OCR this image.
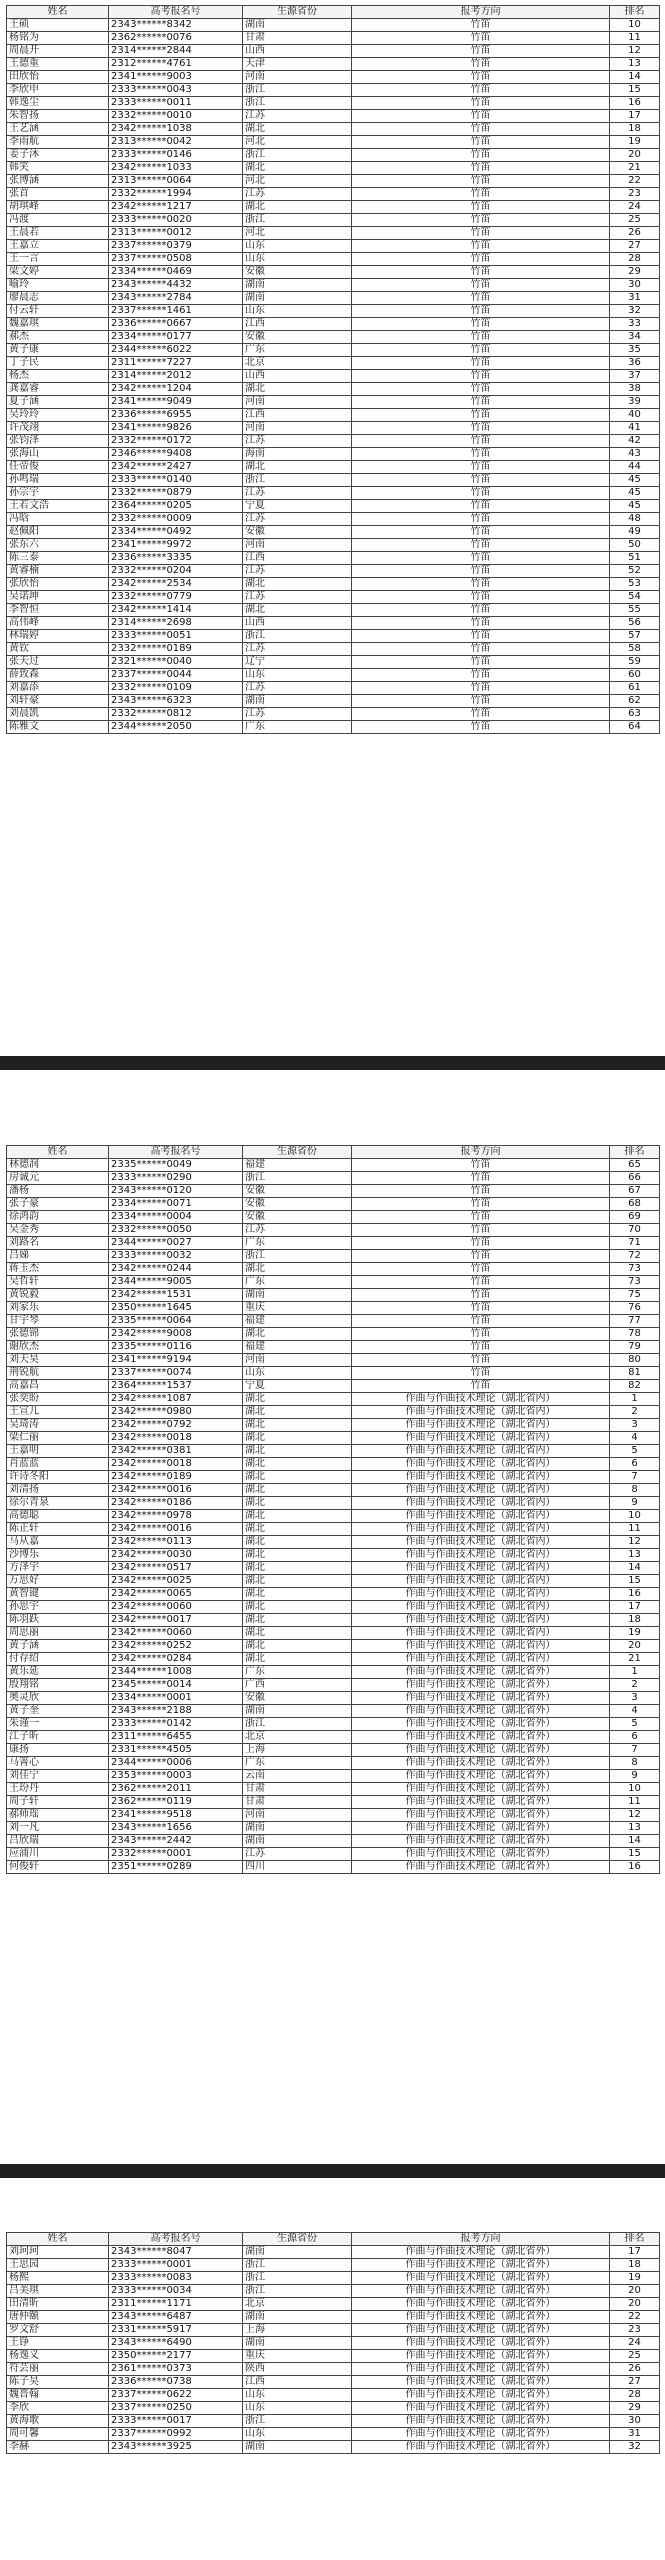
姓名	高考报名号	生源省份	报考方向	排名
王硕	2343******8342	湖南	竹笛	10
杨铭为	2362******0076	甘肃	竹笛	11
周晨开	2314******2844	山西	竹笛	12
王德重	2312******4761	天津	竹笛	13
田欣怡	2341******9003	河南	竹笛	14
李欣申	2333******0043	浙江	竹笛	15
韩逸尘	2333******0011	浙江	竹笛	16
朱智扬	2332******0010	江苏	竹笛	17
王艺涵	2342******1038	湖北	竹笛	18
李雨航	2313******0042	河北	竹笛	19
姜子沐	2333******0146	浙江	竹笛	20
韩笑	2342******1033	湖北	竹笛	21
张博涵	2313******0064	河北	竹笛	22
张首	2332******1994	江苏	竹笛	23
胡琪峰	2342******1217	湖北	竹笛	24
冯渡	2333******0020	浙江	竹笛	25
王晨若	2313******0012	河北	竹笛	26
王嘉立	2337******0379	山东	竹笛	27
王一言	2337******0508	山东	竹笛	28
梁文婷	2334******0469	安徽	竹笛	29
喻玲	2343******4432	湖南	竹笛	30
廖晨志	2343******2784	湖南	竹笛	31
付云轩	2337******1461	山东	竹笛	32
魏嘉琪	2336******0667	江西	竹笛	33
郝杰	2334******0177	安徽	竹笛	34
黄子康	2344******6022	广东	竹笛	35
丁子民	2311******7227	北京	竹笛	36
杨杰	2314******2012	山西	竹笛	37
龚嘉睿	2342******1204	湖北	竹笛	38
夏子涵	2341******9049	河南	竹笛	39
吴玲玲	2336******6955	江西	竹笛	40
许茂翊	2341******9826	河南	竹笛	41
张钧泽	2332******0172	江苏	竹笛	42
张海山	2346******9408	海南	竹笛	43
任帝俊	2342******2427	湖北	竹笛	44
孙鸣瑞	2333******0140	浙江	竹笛	45
孙宗宇	2332******0879	江苏	竹笛	45
王若文浩	2364******0205	宁夏	竹笛	45
冯晗	2332******0009	江苏	竹笛	48
赵佩阳	2334******0492	安徽	竹笛	49
张东六	2341******9972	河南	竹笛	50
陈三泰	2336******3335	江西	竹笛	51
黄睿楠	2332******0204	江苏	竹笛	52
张欣怡	2342******2534	湖北	竹笛	53
吴诺坤	2332******0779	江苏	竹笛	54
李智恒	2342******1414	湖北	竹笛	55
高伟峰	2314******2698	山西	竹笛	56
林瑞婷	2333******0051	浙江	竹笛	57
黄钦	2332******0189	江苏	竹笛	58
张天过	2321******0040	辽宁	竹笛	59
薛致森	2337******0044	山东	竹笛	60
刘嘉添	2332******0109	江苏	竹笛	61
刘轩豪	2343******6323	湖南	竹笛	62
刘晨凯	2332******0812	江苏	竹笛	63
陈雅文	2344******2050	广东	竹笛	64
姓名	高考报名号	生源省份	报考方向	排名
林德润	2335******0049	福建	竹笛	65
房诚元	2333******0290	浙江	竹笛	66
潘杨	2343******0120	安徽	竹笛	67
张子豪	2334******0071	安徽	竹笛	68
徐鸿韵	2334******0004	安徽	竹笛	69
吴金秀	2332******0050	江苏	竹笛	70
刘路名	2344******0027	广东	竹笛	71
吕娣	2333******0032	浙江	竹笛	72
蒋玉杰	2342******0244	湖北	竹笛	73
吴哲轩	2344******9005	广东	竹笛	73
黄锐毅	2342******1531	湖南	竹笛	75
刘家乐	2350******1645	重庆	竹笛	76
甘宇琴	2335******0064	福建	竹笛	77
张德锦	2342******9008	湖北	竹笛	78
谢欣杰	2335******0116	福建	竹笛	79
刘天昊	2341******9194	河南	竹笛	80
荆锐航	2337******0074	山东	竹笛	81
高嘉昌	2364******1537	宁夏	竹笛	82
张奕盼	2342******1087	湖北	作曲与作曲技术理论（湖北省内）	1
王宣儿	2342******0980	湖北	作曲与作曲技术理论（湖北省内）	2
吴琦涛	2342******0792	湖北	作曲与作曲技术理论（湖北省内）	3
梁仁丽	2342******0018	湖北	作曲与作曲技术理论（湖北省内）	4
王嘉明	2342******0381	湖北	作曲与作曲技术理论（湖北省内）	5
肖蓝蓝	2342******0018	湖北	作曲与作曲技术理论（湖北省内）	6
许诗冬阳	2342******0189	湖北	作曲与作曲技术理论（湖北省内）	7
刘清扬	2342******0016	湖北	作曲与作曲技术理论（湖北省内）	8
徐尔青泉	2342******0186	湖北	作曲与作曲技术理论（湖北省内）	9
高德聪	2342******0978	湖北	作曲与作曲技术理论（湖北省内）	10
陈正轩	2342******0016	湖北	作曲与作曲技术理论（湖北省内）	11
马从嘉	2342******0113	湖北	作曲与作曲技术理论（湖北省内）	12
沙博乐	2342******0030	湖北	作曲与作曲技术理论（湖北省内）	13
方泽宇	2342******0517	湖北	作曲与作曲技术理论（湖北省内）	14
万思好	2342******0025	湖北	作曲与作曲技术理论（湖北省内）	15
黄智键	2342******0065	湖北	作曲与作曲技术理论（湖北省内）	16
孙思宇	2342******0060	湖北	作曲与作曲技术理论（湖北省内）	17
陈羽跃	2342******0017	湖北	作曲与作曲技术理论（湖北省内）	18
周思丽	2342******0060	湖北	作曲与作曲技术理论（湖北省内）	19
黄子涵	2342******0252	湖北	作曲与作曲技术理论（湖北省内）	20
付存绍	2342******0284	湖北	作曲与作曲技术理论（湖北省内）	21
黄乐延	2344******1008	广东	作曲与作曲技术理论（湖北省外）	1
殷翔铭	2345******0014	广西	作曲与作曲技术理论（湖北省外）	2
奥灵欣	2334******0001	安徽	作曲与作曲技术理论（湖北省外）	3
黄子奎	2343******2188	湖南	作曲与作曲技术理论（湖北省外）	4
朱谨一	2333******0142	浙江	作曲与作曲技术理论（湖北省外）	5
江子昕	2311******6455	北京	作曲与作曲技术理论（湖北省外）	6
康扬	2331******4505	上海	作曲与作曲技术理论（湖北省外）	7
马箐心	2344******0006	广东	作曲与作曲技术理论（湖北省外）	8
刘佳宁	2353******0003	云南	作曲与作曲技术理论（湖北省外）	9
王玢丹	2362******2011	甘肃	作曲与作曲技术理论（湖北省外）	10
周子轩	2362******0119	甘肃	作曲与作曲技术理论（湖北省外）	11
郝师瑶	2341******9518	河南	作曲与作曲技术理论（湖北省外）	12
刘一凡	2343******1656	湖南	作曲与作曲技术理论（湖北省外）	13
吕欣瑞	2343******2442	湖南	作曲与作曲技术理论（湖北省外）	14
应浦川	2332******0001	江苏	作曲与作曲技术理论（湖北省外）	15
何俊轩	2351******0289	四川	作曲与作曲技术理论（湖北省外）	16
姓名	高考报名号	生源省份	报考方向	排名
刘珂珂	2343******8047	湖南	作曲与作曲技术理论（湖北省外）	17
王思园	2333******0001	浙江	作曲与作曲技术理论（湖北省外）	18
杨熙	2333******0083	浙江	作曲与作曲技术理论（湖北省外）	19
吕美琪	2333******0034	浙江	作曲与作曲技术理论（湖北省外）	20
田清昕	2311******1171	北京	作曲与作曲技术理论（湖北省外）	20
唐仲颐	2343******6487	湖南	作曲与作曲技术理论（湖北省外）	22
罗文舒	2331******5917	上海	作曲与作曲技术理论（湖北省外）	23
王铮	2343******6490	湖南	作曲与作曲技术理论（湖北省外）	24
杨逸义	2350******2177	重庆	作曲与作曲技术理论（湖北省外）	25
符芸丽	2361******0373	陕西	作曲与作曲技术理论（湖北省外）	26
陈子昊	2336******0738	江西	作曲与作曲技术理论（湖北省外）	27
魏晋翰	2337******0622	山东	作曲与作曲技术理论（湖北省外）	28
李欣	2337******0250	山东	作曲与作曲技术理论（湖北省外）	29
黄海歌	2333******0017	浙江	作曲与作曲技术理论（湖北省外）	30
周可馨	2337******0992	山东	作曲与作曲技术理论（湖北省外）	31
李赫	2343******3925	湖南	作曲与作曲技术理论（湖北省外）	32
